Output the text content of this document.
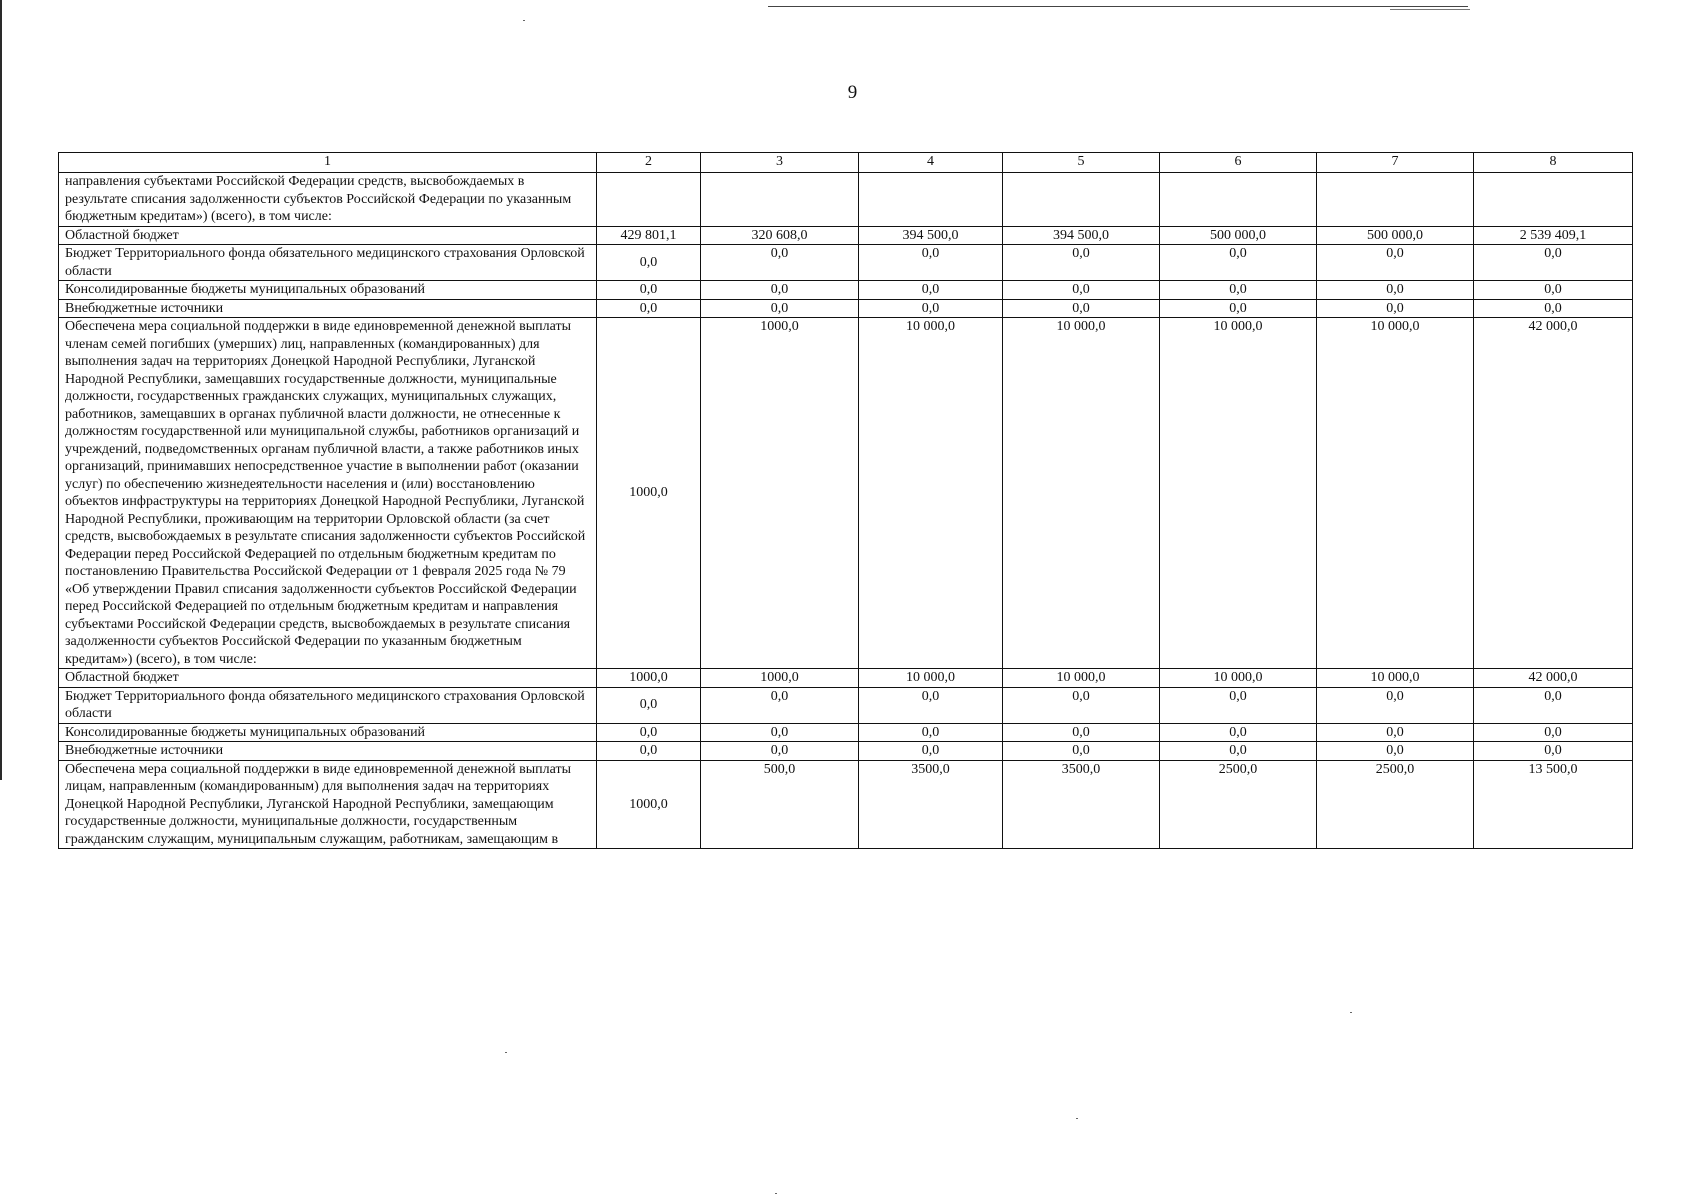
9
1	2	3	4	5	6	7	8
направления субъектами Российской Федерации средств, высвобождаемых в результате списания задолженности субъектов Российской Федерации по указанным бюджетным кредитам») (всего), в том числе:							
Областной бюджет	429 801,1	320 608,0	394 500,0	394 500,0	500 000,0	500 000,0	2 539 409,1
Бюджет Территориального фонда обязательного медицинского страхования Орловской области	0,0	0,0	0,0	0,0	0,0	0,0	0,0
Консолидированные бюджеты муниципальных образований	0,0	0,0	0,0	0,0	0,0	0,0	0,0
Внебюджетные источники	0,0	0,0	0,0	0,0	0,0	0,0	0,0
Обеспечена мера социальной поддержки в виде единовременной денежной выплаты членам семей погибших (умерших) лиц, направленных (командированных) для выполнения задач на территориях Донецкой Народной Республики, Луганской Народной Республики, замещавших государственные должности, муниципальные должности, государственных гражданских служащих, муниципальных служащих, работников, замещавших в органах публичной власти должности, не отнесенные к должностям государственной или муниципальной службы, работников организаций и учреждений, подведомственных органам публичной власти, а также работников иных организаций, принимавших непосредственное участие в выполнении работ (оказании услуг) по обеспечению жизнедеятельности населения и (или) восстановлению объектов инфраструктуры на территориях Донецкой Народной Республики, Луганской Народной Республики, проживающим на территории Орловской области (за счет средств, высвобождаемых в результате списания задолженности субъектов Российской Федерации перед Российской Федерацией по отдельным бюджетным кредитам по постановлению Правительства Российской Федерации от 1 февраля 2025 года № 79 «Об утверждении Правил списания задолженности субъектов Российской Федерации перед Российской Федерацией по отдельным бюджетным кредитам и направления субъектами Российской Федерации средств, высвобождаемых в результате списания задолженности субъектов Российской Федерации по указанным бюджетным кредитам») (всего), в том числе:	1000,0	1000,0	10 000,0	10 000,0	10 000,0	10 000,0	42 000,0
Областной бюджет	1000,0	1000,0	10 000,0	10 000,0	10 000,0	10 000,0	42 000,0
Бюджет Территориального фонда обязательного медицинского страхования Орловской области	0,0	0,0	0,0	0,0	0,0	0,0	0,0
Консолидированные бюджеты муниципальных образований	0,0	0,0	0,0	0,0	0,0	0,0	0,0
Внебюджетные источники	0,0	0,0	0,0	0,0	0,0	0,0	0,0
Обеспечена мера социальной поддержки в виде единовременной денежной выплаты лицам, направленным (командированным) для выполнения задач на территориях Донецкой Народной Республики, Луганской Народной Республики, замещающим государственные должности, муниципальные должности, государственным гражданским служащим, муниципальным служащим, работникам, замещающим в	1000,0	500,0	3500,0	3500,0	2500,0	2500,0	13 500,0
